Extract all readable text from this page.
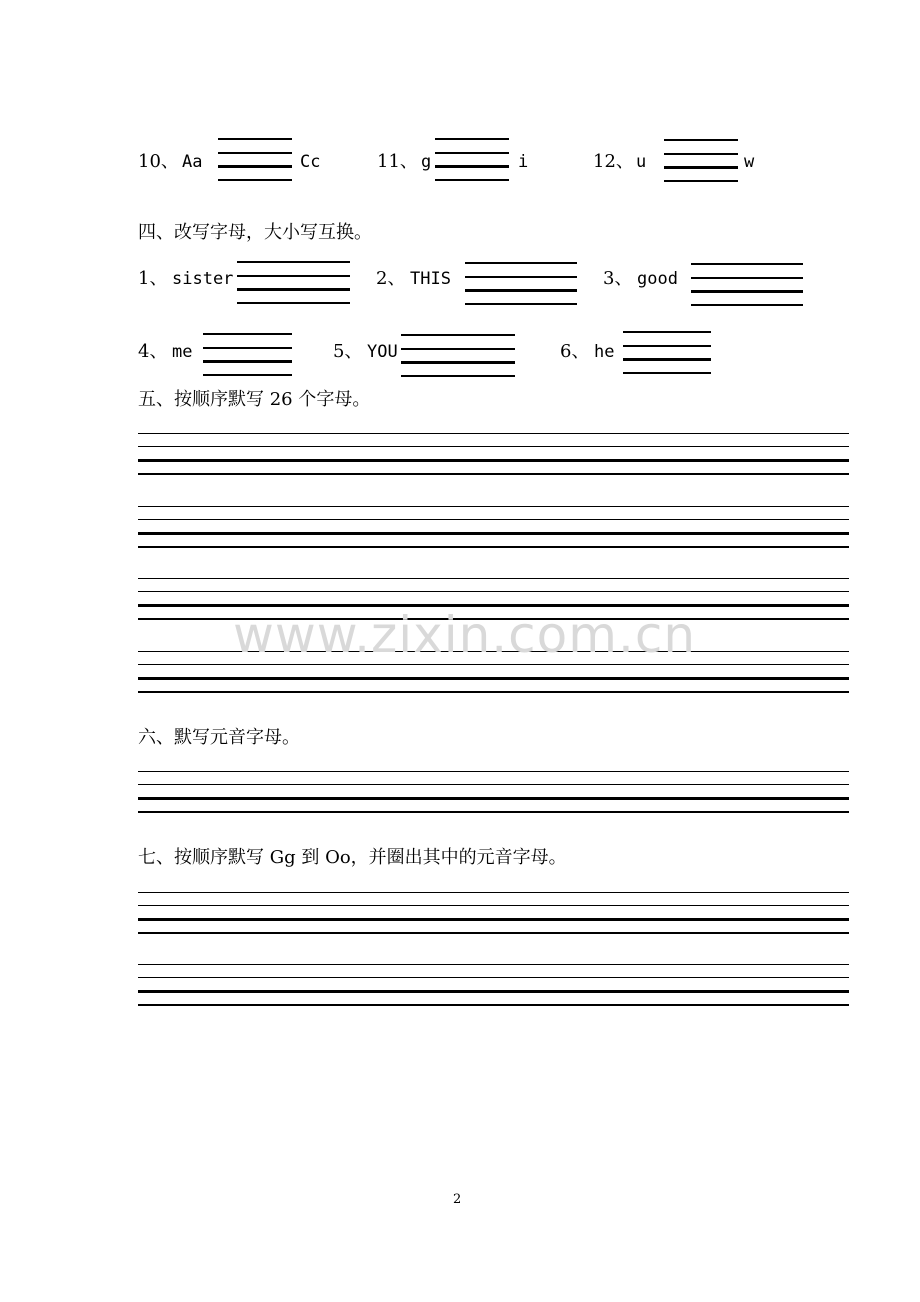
10、 Aa	Cc	11、 g	i	12、 u	w
四、改写字母，大小写互换。
1、 sister	2、 THIS	3、 good
4、 me	5、 YOU	6、 he
五、按顺序默写 26 个字母。
六、默写元音字母。
七、按顺序默写 Gg 到 Oo，并圈出其中的元音字母。
www.zixin.com.cn
2
